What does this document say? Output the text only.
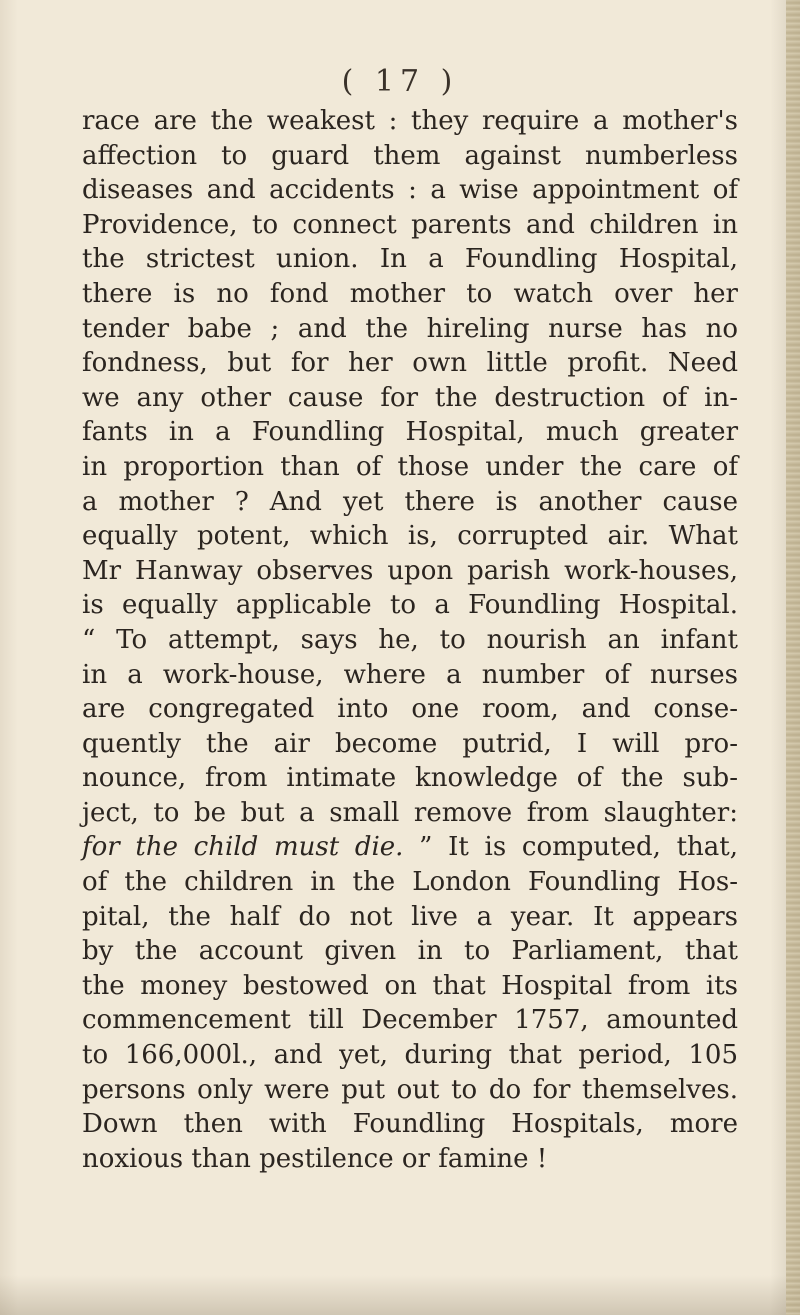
( 17 )
race are the weakest : they require a mother's
affection to guard them against numberless
diseases and accidents : a wise appointment of
Providence, to connect parents and children in
the strictest union. In a Foundling Hospital,
there is no fond mother to watch over her
tender babe ; and the hireling nurse has no
fondness, but for her own little profit. Need
we any other cause for the destruction of in-
fants in a Foundling Hospital, much greater
in proportion than of those under the care of
a mother ? And yet there is another cause
equally potent, which is, corrupted air. What
Mr Hanway observes upon parish work-houses,
is equally applicable to a Foundling Hospital.
“ To attempt, says he, to nourish an infant
in a work-house, where a number of nurses
are congregated into one room, and conse-
quently the air become putrid, I will pro-
nounce, from intimate knowledge of the sub-
ject, to be but a small remove from slaughter:
for the child must die. ” It is computed, that,
of the children in the London Foundling Hos-
pital, the half do not live a year. It appears
by the account given in to Parliament, that
the money bestowed on that Hospital from its
commencement till December 1757, amounted
to 166,000l., and yet, during that period, 105
persons only were put out to do for themselves.
Down then with Foundling Hospitals, more
noxious than pestilence or famine !
